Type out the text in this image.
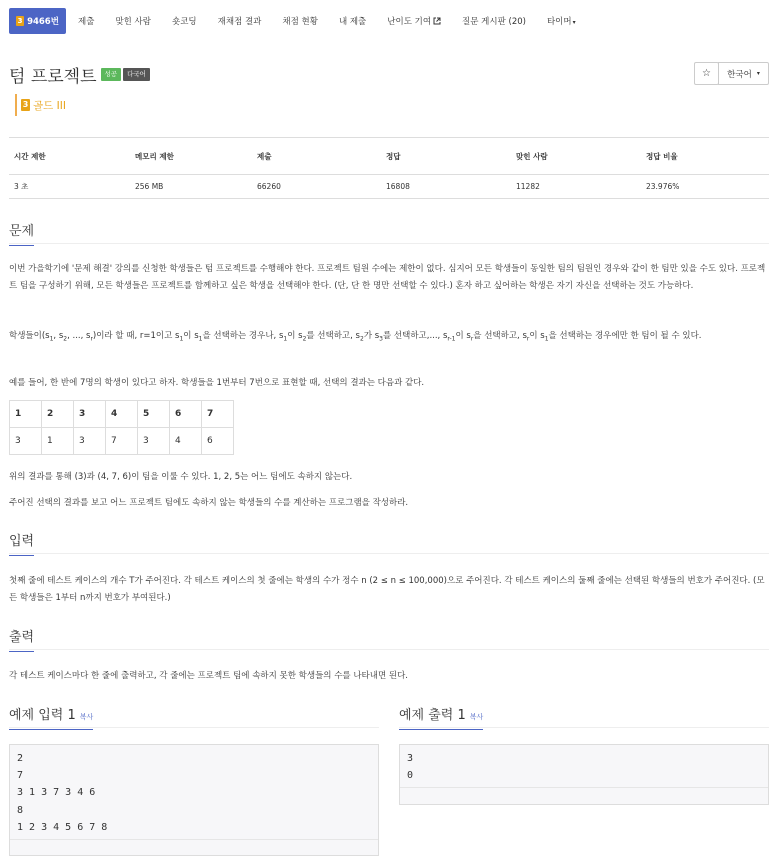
3 9466번 제출 맞힌 사람 숏코딩 재채점 결과 채점 현황 내 제출 난이도 기여	질문 게시판 (20) 타이머▾
텀 프로젝트	성공	다국어	☆ 한국어 ▾
3 골드 III
시간 제한	메모리 제한	제출	정답	맞힌 사람	정답 비율
3 초	256 MB	66260	16808	11282	23.976%
문제
이번 가을학기에 '문제 해결' 강의를 신청한 학생들은 텀 프로젝트를 수행해야 한다. 프로젝트 팀원 수에는 제한이 없다. 심지어 모든 학생들이 동일한 팀의 팀원인 경우와 같이 한 팀만 있을 수도 있다. 프로젝트 팀을 구성하기 위해, 모든 학생들은 프로젝트를 함께하고 싶은 학생을 선택해야 한다. (단, 단 한 명만 선택할 수 있다.) 혼자 하고 싶어하는 학생은 자기 자신을 선택하는 것도 가능하다.
학생들이($s_1$, $s_2$, ..., $s_r$)이라 할 때, r=1이고 $s_1$이 $s_1$을 선택하는 경우나, $s_1$이 $s_2$를 선택하고, $s_2$가 $s_3$를 선택하고,..., $s_{r-1}$이 $s_r$을 선택하고, $s_r$이 $s_1$을 선택하는 경우에만 한 팀이 될 수 있다.
예를 들어, 한 반에 7명의 학생이 있다고 하자. 학생들을 1번부터 7번으로 표현할 때, 선택의 결과는 다음과 같다.
1	2	3	4	5	6	7
3	1	3	7	3	4	6
위의 결과를 통해 (3)과 (4, 7, 6)이 팀을 이룰 수 있다. 1, 2, 5는 어느 팀에도 속하지 않는다.
주어진 선택의 결과를 보고 어느 프로젝트 팀에도 속하지 않는 학생들의 수를 계산하는 프로그램을 작성하라.
입력
첫째 줄에 테스트 케이스의 개수 T가 주어진다. 각 테스트 케이스의 첫 줄에는 학생의 수가 정수 n (2 ≤ n ≤ 100,000)으로 주어진다. 각 테스트 케이스의 둘째 줄에는 선택된 학생들의 번호가 주어진다. (모든 학생들은 1부터 n까지 번호가 부여된다.)
출력
각 테스트 케이스마다 한 줄에 출력하고, 각 줄에는 프로젝트 팀에 속하지 못한 학생들의 수를 나타내면 된다.
예제 입력 1 복사	예제 출력 1 복사
2
7
3 1 3 7 3 4 6
8
1 2 3 4 5 6 7 8
3
0
